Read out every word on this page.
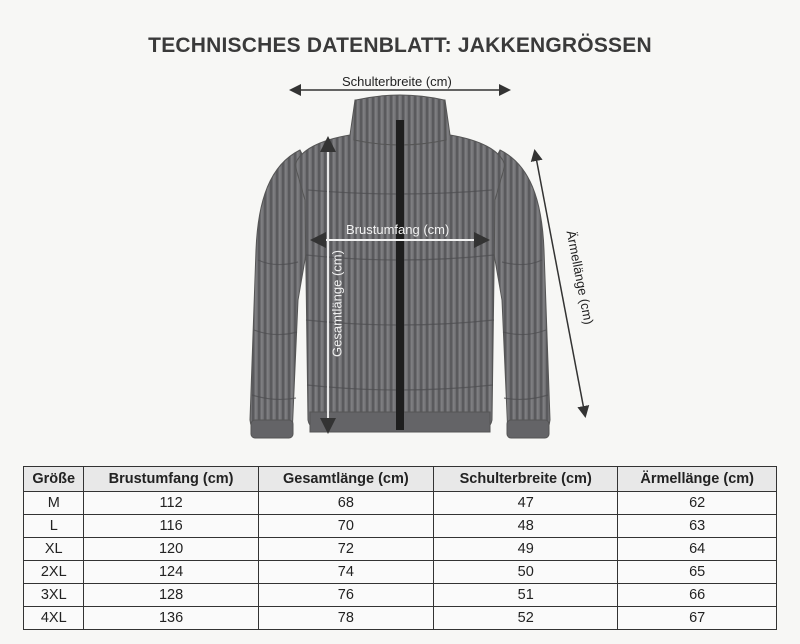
TECHNISCHES DATENBLATT: JAKKENGRÖSSEN
Schulterbreite (cm)
Brustumfang (cm)
Gesamtlänge (cm)	Ärmellänge (cm)
Größe	Brustumfang (cm)	Gesamtlänge (cm)	Schulterbreite (cm)	Ärmellänge (cm)
M	112	68	47	62
L	116	70	48	63
XL	120	72	49	64
2XL	124	74	50	65
3XL	128	76	51	66
4XL	136	78	52	67
